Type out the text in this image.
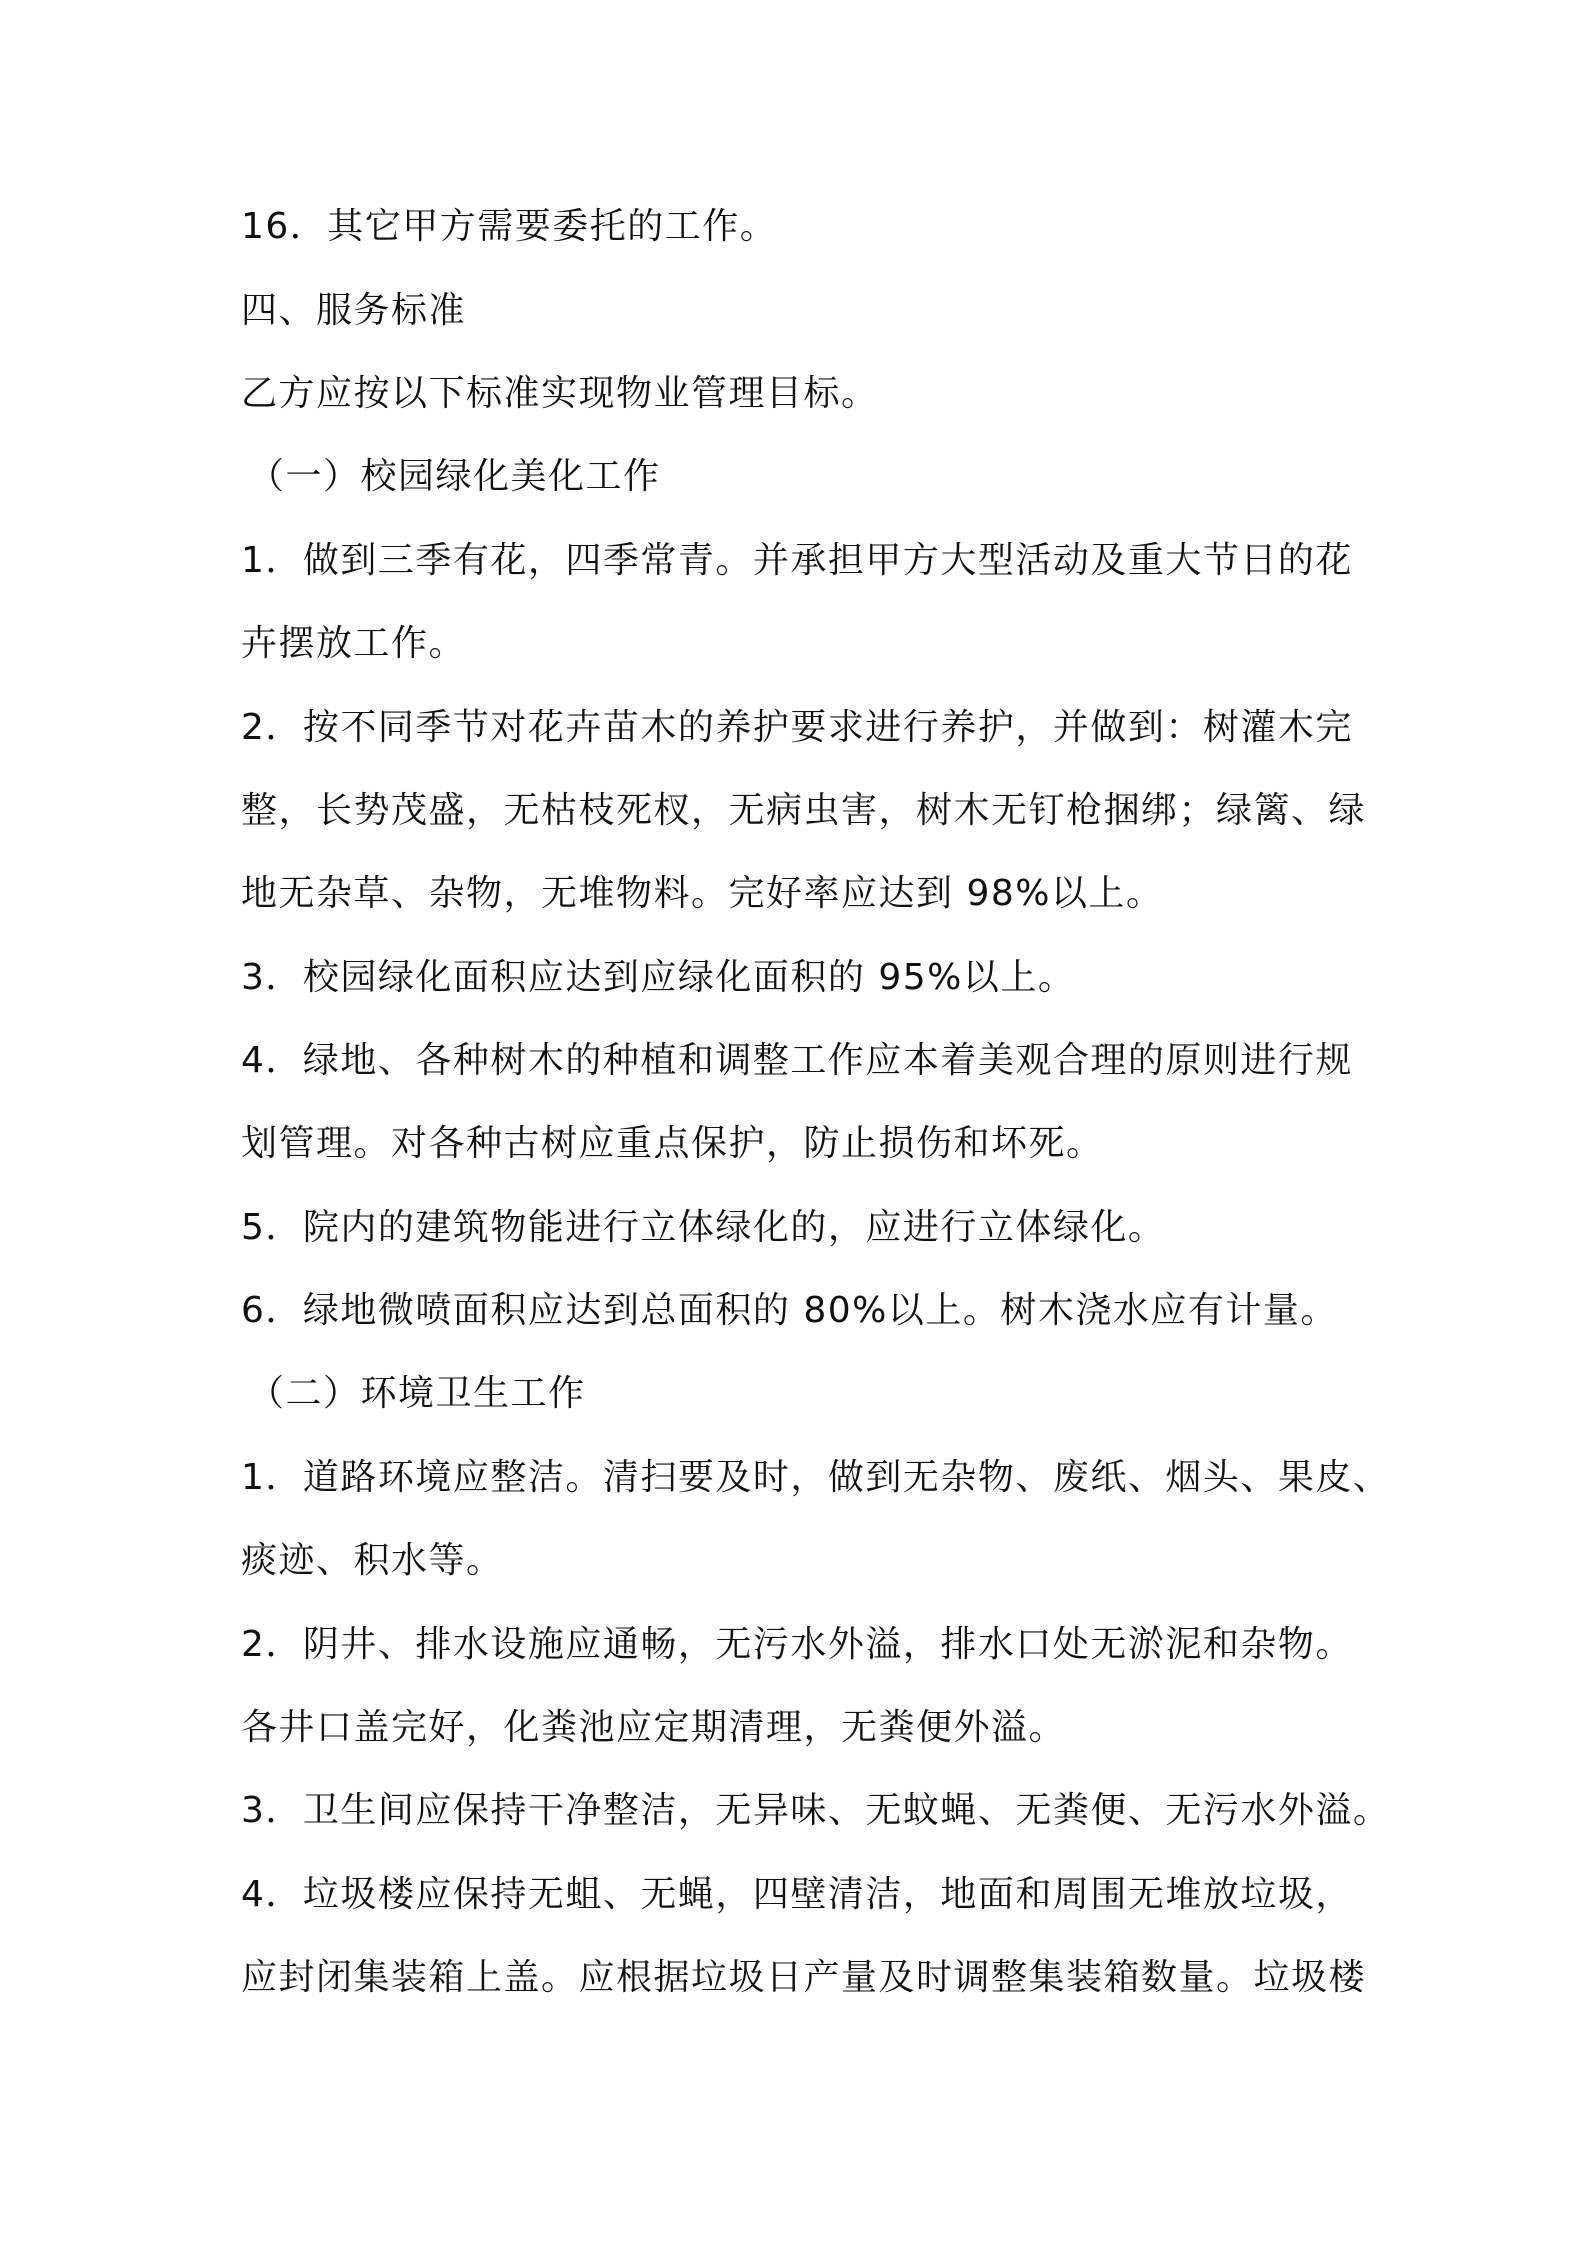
16．其它甲方需要委托的工作。

四、服务标准

乙方应按以下标准实现物业管理目标。

（一）校园绿化美化工作

1．做到三季有花，四季常青。并承担甲方大型活动及重大节日的花

卉摆放工作。

2．按不同季节对花卉苗木的养护要求进行养护，并做到：树灌木完

整，长势茂盛，无枯枝死杈，无病虫害，树木无钉枪捆绑；绿篱、绿

地无杂草、杂物，无堆物料。完好率应达到 98%以上。

3．校园绿化面积应达到应绿化面积的 95%以上。

4．绿地、各种树木的种植和调整工作应本着美观合理的原则进行规

划管理。对各种古树应重点保护，防止损伤和坏死。

5．院内的建筑物能进行立体绿化的，应进行立体绿化。

6．绿地微喷面积应达到总面积的 80%以上。树木浇水应有计量。

（二）环境卫生工作

1．道路环境应整洁。清扫要及时，做到无杂物、废纸、烟头、果皮、

痰迹、积水等。

2．阴井、排水设施应通畅，无污水外溢，排水口处无淤泥和杂物。

各井口盖完好，化粪池应定期清理，无粪便外溢。

3．卫生间应保持干净整洁，无异味、无蚊蝇、无粪便、无污水外溢。

4．垃圾楼应保持无蛆、无蝇，四壁清洁，地面和周围无堆放垃圾，

应封闭集装箱上盖。应根据垃圾日产量及时调整集装箱数量。垃圾楼
